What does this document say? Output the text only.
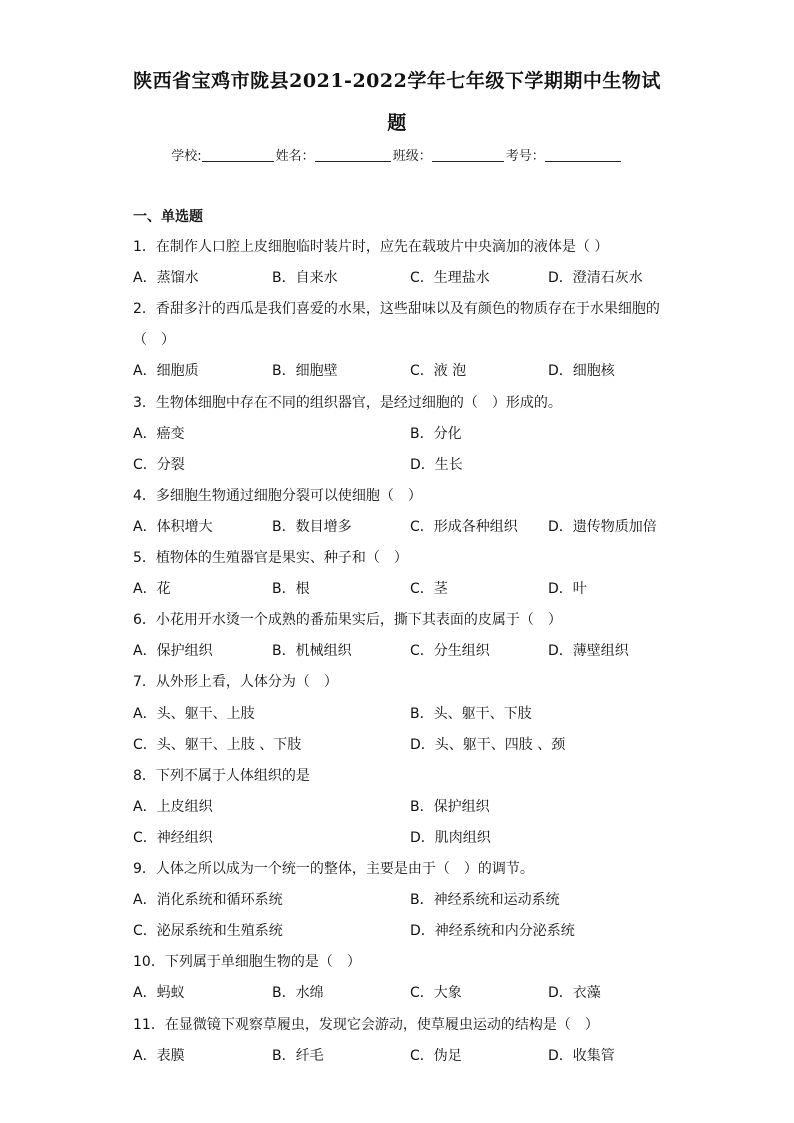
陕西省宝鸡市陇县2021-2022学年七年级下学期期中生物试
题
学校:	姓名：	班级：	考号：
一、单选题
1．在制作人口腔上皮细胞临时装片时，应先在载玻片中央滴加的液体是（ ）
A．蒸馏水	B．自来水	C．生理盐水	D．澄清石灰水
2．香甜多汁的西瓜是我们喜爱的水果，这些甜味以及有颜色的物质存在于水果细胞的
（　）
A．细胞质	B．细胞壁	C．液 泡	D．细胞核
3．生物体细胞中存在不同的组织器官，是经过细胞的（　）形成的。
A．癌变	B．分化
C．分裂	D．生长
4．多细胞生物通过细胞分裂可以使细胞（　）
A．体积增大	B．数目增多	C．形成各种组织 D．遗传物质加倍
5．植物体的生殖器官是果实、种子和（　）
A．花	B．根	C．茎	D．叶
6．小花用开水烫一个成熟的番茄果实后，撕下其表面的皮属于（　）
A．保护组织	B．机械组织	C．分生组织	D．薄壁组织
7．从外形上看，人体分为（　）
A．头、躯干、上肢	B．头、躯干、下肢
C．头、躯干、上肢 、下肢	D．头、躯干、四肢 、颈
8．下列不属于人体组织的是
A．上皮组织	B．保护组织
C．神经组织	D．肌肉组织
9．人体之所以成为一个统一的整体，主要是由于（　）的调节。
A．消化系统和循环系统	B．神经系统和运动系统
C．泌尿系统和生殖系统	D．神经系统和内分泌系统
10．下列属于单细胞生物的是（　）
A．蚂蚁	B．水绵	C．大象	D．衣藻
11．在显微镜下观察草履虫，发现它会游动，使草履虫运动的结构是（　）
A．表膜	B．纤毛	C．伪足	D．收集管
